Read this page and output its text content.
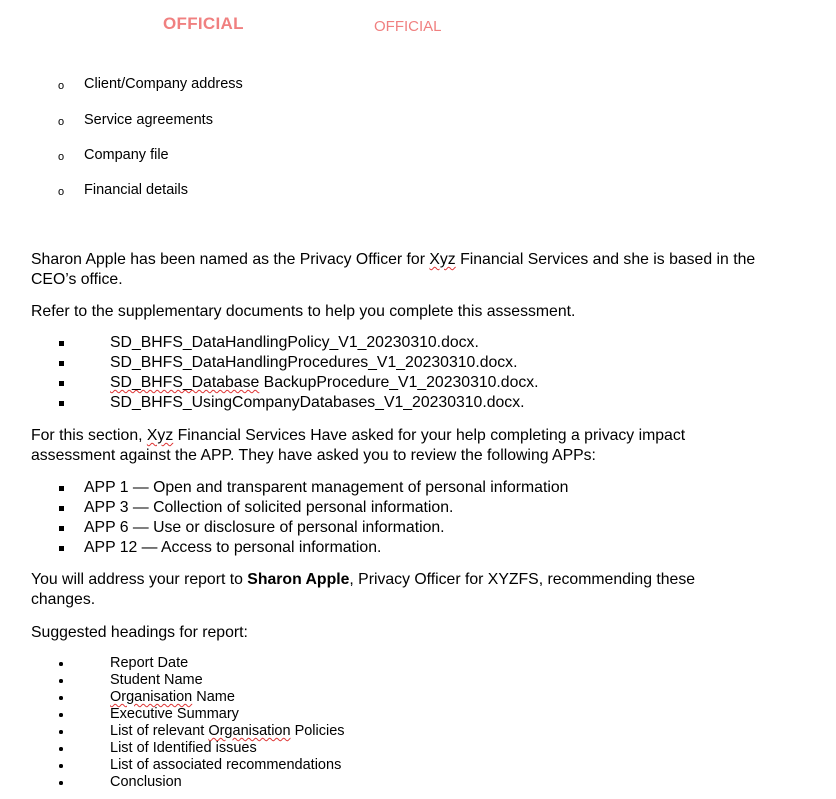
OFFICIAL	OFFICIAL
o Client/Company address
o Service agreements
o Company file
o Financial details
Sharon Apple has been named as the Privacy Officer for Xyz Financial Services and she is based in the
CEO’s office.
Refer to the supplementary documents to help you complete this assessment.
SD_BHFS_DataHandlingPolicy_V1_20230310.docx.
SD_BHFS_DataHandlingProcedures_V1_20230310.docx.
SD_BHFS_Database BackupProcedure_V1_20230310.docx.
SD_BHFS_UsingCompanyDatabases_V1_20230310.docx.
For this section, Xyz Financial Services Have asked for your help completing a privacy impact
assessment against the APP. They have asked you to review the following APPs:
APP 1 — Open and transparent management of personal information
APP 3 — Collection of solicited personal information.
APP 6 — Use or disclosure of personal information.
APP 12 — Access to personal information.
You will address your report to Sharon Apple, Privacy Officer for XYZFS, recommending these
changes.
Suggested headings for report:
Report Date
Student Name
Organisation Name
Executive Summary
List of relevant Organisation Policies
List of Identified issues
List of associated recommendations
Conclusion
